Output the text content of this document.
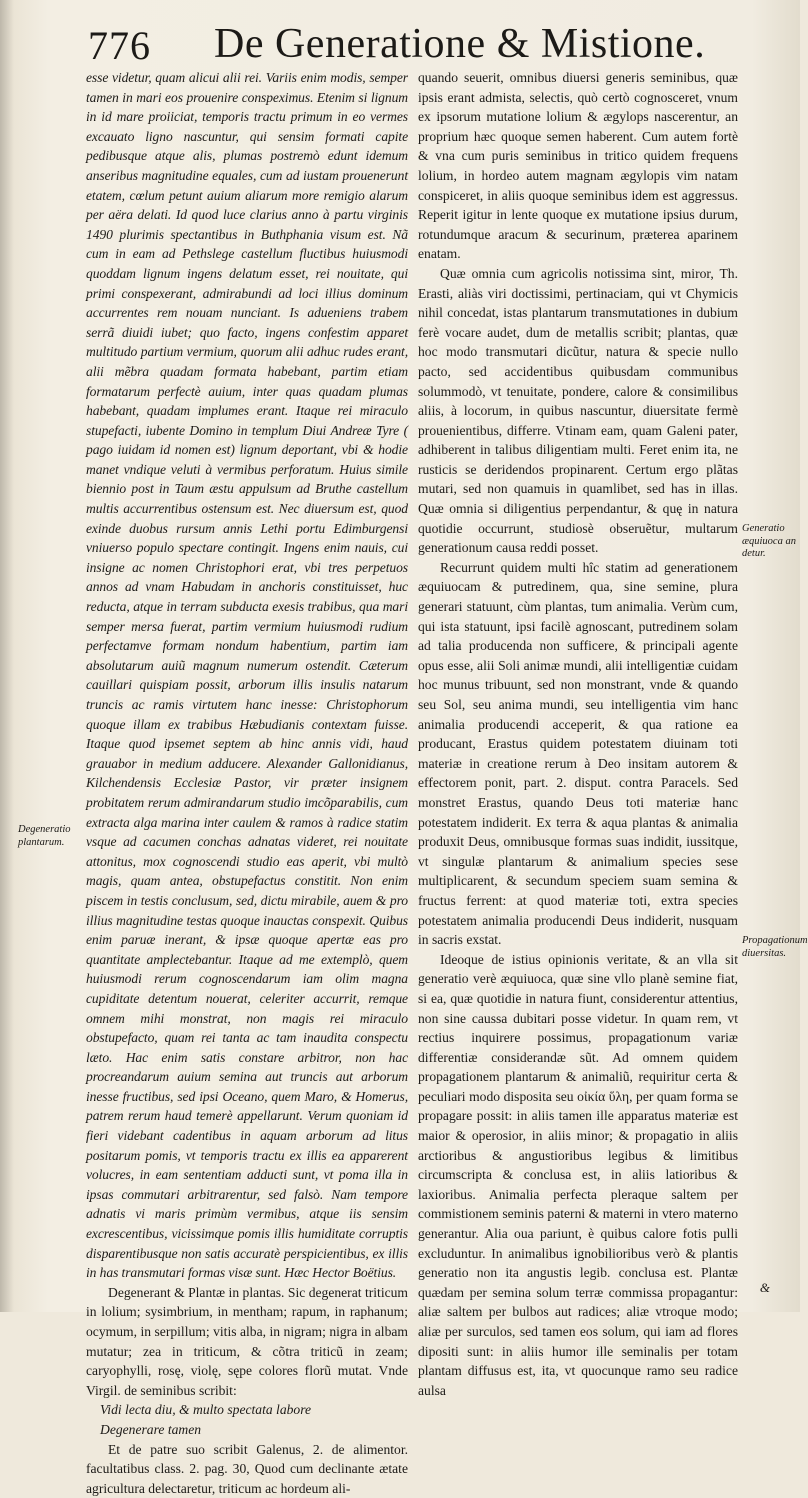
776 De Generatione & Mistione.

esse videtur, quam alicui alii rei. Variis enim modis, semper tamen in mari eos prouenire conspeximus. Etenim si lignum in id mare proiiciat, temporis tractu primum in eo vermes excauato ligno nascuntur, qui sensim formati capite pedibusque atque alis, plumas postremò edunt idemum anseribus magnitudine equales, cum ad iustam prouenerunt etatem, cœlum petunt auium aliarum more remigio alarum per aëra delati. Id quod luce clarius anno à partu virginis 1490 plurimis spectantibus in Buthphania visum est. Nã cum in eam ad Pethslege castellum fluctibus huiusmodi quoddam lignum ingens delatum esset, rei nouitate, qui primi conspexerant, admirabundi ad loci illius dominum accurrentes rem nouam nunciant. Is adueniens trabem serrã diuidi iubet; quo facto, ingens confestim apparet multitudo partium vermium, quorum alii adhuc rudes erant, alii mẽbra quadam formata habebant, partim etiam formatarum perfectè auium, inter quas quadam plumas habebant, quadam implumes erant. Itaque rei miraculo stupefacti, iubente Domino in templum Diui Andreæ Tyre ( pago iuidam id nomen est) lignum deportant, vbi & hodie manet vndique veluti à vermibus perforatum. Huius simile biennio post in Taum æstu appulsum ad Bruthe castellum multis accurrentibus ostensum est. Nec diuersum est, quod exinde duobus rursum annis Lethi portu Edimburgensi vniuerso populo spectare contingit. Ingens enim nauis, cui insigne ac nomen Christophori erat, vbi tres perpetuos annos ad vnam Habudam in anchoris constituisset, huc reducta, atque in terram subducta exesis trabibus, qua mari semper mersa fuerat, partim vermium huiusmodi rudium perfectamve formam nondum habentium, partim iam absolutarum auiũ magnum numerum ostendit. Cæterum cauillari quispiam possit, arborum illis insulis natarum truncis ac ramis virtutem hanc inesse: Christophorum quoque illam ex trabibus Hæbudianis contextam fuisse. Itaque quod ipsemet septem ab hinc annis vidi, haud grauabor in medium adducere. Alexander Gallonidianus, Kilchendensis Ecclesiæ Pastor, vir præter insignem probitatem rerum admirandarum studio imcõparabilis, cum extracta alga marina inter caulem & ramos à radice statim vsque ad cacumen conchas adnatas videret, rei nouitate attonitus, mox cognoscendi studio eas aperit, vbi multò magis, quam antea, obstupefactus constitit. Non enim piscem in testis conclusum, sed, dictu mirabile, auem & pro illius magnitudine testas quoque inauctas conspexit. Quibus enim paruæ inerant, & ipsæ quoque apertæ eas pro quantitate amplectebantur. Itaque ad me extemplò, quem huiusmodi rerum cognoscendarum iam olim magna cupiditate detentum nouerat, celeriter accurrit, remque omnem mihi monstrat, non magis rei miraculo obstupefacto, quam rei tanta ac tam inaudita conspectu læto. Hac enim satis constare arbitror, non hac procreandarum auium semina aut truncis aut arborum inesse fructibus, sed ipsi Oceano, quem Maro, & Homerus, patrem rerum haud temerè appellarunt. Verum quoniam id fieri videbant cadentibus in aquam arborum ad litus positarum pomis, vt temporis tractu ex illis ea apparerent volucres, in eam sententiam adducti sunt, vt poma illa in ipsas commutari arbitrarentur, sed falsò. Nam tempore adnatis vi maris primùm vermibus, atque iis sensim excrescentibus, vicissimque pomis illis humiditate corruptis disparentibusque non satis accuratè perspicientibus, ex illis in has transmutari formas visæ sunt. Hæc Hector Boëtius.

Degenerant & Plantæ in plantas. Sic degenerat triticum in lolium; sysimbrium, in mentham; rapum, in raphanum; ocymum, in serpillum; vitis alba, in nigram; nigra in albam mutatur; zea in triticum, & cõtra triticũ in zeam; caryophylli, rosę, violę, sępe colores florũ mutat. Vnde Virgil. de seminibus scribit:

Vidi lecta diu, & multo spectata labore

Degenerare tamen

Et de patre suo scribit Galenus, 2. de alimentor. facultatibus class. 2. pag. 30, Quod cum declinante ætate agricultura delectaretur, triticum ac hordeum ali-

quando seuerit, omnibus diuersi generis seminibus, quæ ipsis erant admista, selectis, quò certò cognosceret, vnum ex ipsorum mutatione lolium & ægylops nascerentur, an proprium hæc quoque semen haberent. Cum autem fortè & vna cum puris seminibus in tritico quidem frequens lolium, in hordeo autem magnam ægylopis vim natam conspiceret, in aliis quoque seminibus idem est aggressus. Reperit igitur in lente quoque ex mutatione ipsius durum, rotundumque aracum & securinum, præterea aparinem enatam.

Quæ omnia cum agricolis notissima sint, miror, Th. Erasti, aliàs viri doctissimi, pertinaciam, qui vt Chymicis nihil concedat, istas plantarum transmutationes in dubium ferè vocare audet, dum de metallis scribit; plantas, quæ hoc modo transmutari dicũtur, natura & specie nullo pacto, sed accidentibus quibusdam communibus solummodò, vt tenuitate, pondere, calore & consimilibus aliis, à locorum, in quibus nascuntur, diuersitate fermè prouenientibus, differre. Vtinam eam, quam Galeni pater, adhiberent in talibus diligentiam multi. Feret enim ita, ne rusticis se deridendos propinarent. Certum ergo plãtas mutari, sed non quamuis in quamlibet, sed has in illas. Quæ omnia si diligentius perpendantur, & quę in natura quotidie occurrunt, studiosè obseruẽtur, multarum generationum causa reddi posset.

Recurrunt quidem multi hîc statim ad generationem æquiuocam & putredinem, qua, sine semine, plura generari statuunt, cùm plantas, tum animalia. Verùm cum, qui ista statuunt, ipsi facilè agnoscant, putredinem solam ad talia producenda non sufficere, & principali agente opus esse, alii Soli animæ mundi, alii intelligentiæ cuidam hoc munus tribuunt, sed non monstrant, vnde & quando seu Sol, seu anima mundi, seu intelligentia vim hanc animalia producendi acceperit, & qua ratione ea producant, Erastus quidem potestatem diuinam toti materiæ in creatione rerum à Deo insitam autorem & effectorem ponit, part. 2. disput. contra Paracels. Sed monstret Erastus, quando Deus toti materiæ hanc potestatem indiderit. Ex terra & aqua plantas & animalia produxit Deus, omnibusque formas suas indidit, iussitque, vt singulæ plantarum & animalium species sese multiplicarent, & secundum speciem suam semina & fructus ferrent: at quod materiæ toti, extra species potestatem animalia producendi Deus indiderit, nusquam in sacris exstat.

Ideoque de istius opinionis veritate, & an vlla sit generatio verè æquiuoca, quæ sine vllo planè semine fiat, si ea, quæ quotidie in natura fiunt, considerentur attentius, non sine caussa dubitari posse videtur. In quam rem, vt rectius inquirere possimus, propagationum variæ differentiæ considerandæ sũt. Ad omnem quidem propagationem plantarum & animaliũ, requiritur certa & peculiari modo disposita seu οἰκία ὕλη, per quam forma se propagare possit: in aliis tamen ille apparatus materiæ est maior & operosior, in aliis minor; & propagatio in aliis arctioribus & angustioribus legibus & limitibus circumscripta & conclusa est, in aliis latioribus & laxioribus. Animalia perfecta pleraque saltem per commistionem seminis paterni & materni in vtero materno generantur. Alia oua pariunt, è quibus calore fotis pulli excluduntur. In animalibus ignobilioribus verò & plantis generatio non ita angustis legib. conclusa est. Plantæ quædam per semina solum terræ commissa propagantur: aliæ saltem per bulbos aut radices; aliæ vtroque modo; aliæ per surculos, sed tamen eos solum, qui iam ad flores dipositi sunt: in aliis humor ille seminalis per totam plantam diffusus est, ita, vt quocunque ramo seu radice aulsa

Degeneratio plantarum.
Generatio æquiuoca an detur.
Propagationum diuersitas.
&
